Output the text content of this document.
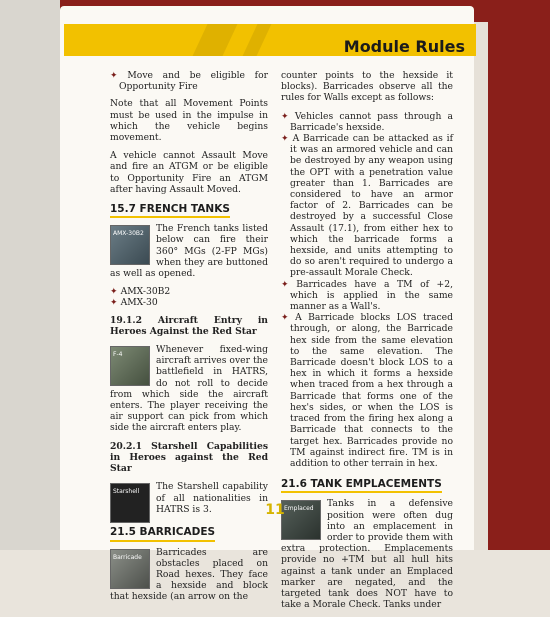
Module Rules
✦ Move and be eligible for Opportunity Fire

Note that all Movement Points must be used in the impulse in which the vehicle begins movement.

A vehicle cannot Assault Move and fire an ATGM or be eligible to Opportunity Fire an ATGM after having Assault Moved.

15.7 FRENCH TANKS
AMX-30B2	The French tanks listed below can fire their 360° MGs (2-FP MGs) when they are buttoned as well as opened.

✦ AMX-30B2
✦ AMX-30

19.1.2 Aircraft Entry in Heroes Against the Red Star

F-4	Whenever fixed-wing aircraft arrives over the battlefield in HATRS, do not roll to decide from which side the aircraft enters. The player receiving the air support can pick from which side the aircraft enters play.

20.2.1 Starshell Capabilities in Heroes against the Red Star

Starshell	The Starshell capability of all nationalities in HATRS is 3.

21.5 BARRICADES
Barricade	Barricades are obstacles placed on Road hexes. They face a hexside and block that hexside (an arrow on the

counter points to the hexside it blocks). Barricades observe all the rules for Walls except as follows:

✦ Vehicles cannot pass through a Barricade's hexside.
✦ A Barricade can be attacked as if it was an armored vehicle and can be destroyed by any weapon using the OPT with a penetration value greater than 1. Barricades are considered to have an armor factor of 2. Barricades can be destroyed by a successful Close Assault (17.1), from either hex to which the barricade forms a hexside, and units attempting to do so aren't required to undergo a pre-assault Morale Check.
✦ Barricades have a TM of +2, which is applied in the same manner as a Wall's.
✦ A Barricade blocks LOS traced through, or along, the Barricade hex side from the same elevation to the same elevation. The Barricade doesn't block LOS to a hex in which it forms a hexside when traced from a hex through a Barricade that forms one of the hex's sides, or when the LOS is traced from the firing hex along a Barricade that connects to the target hex. Barricades provide no TM against indirect fire. TM is in addition to other terrain in hex.
21.6 TANK EMPLACEMENTS
Emplaced	Tanks in a defensive position were often dug into an emplacement in order to provide them with extra protection. Emplacements provide no +TM but all hull hits against a tank under an Emplaced marker are negated, and the targeted tank does NOT have to take a Morale Check. Tanks under

11
